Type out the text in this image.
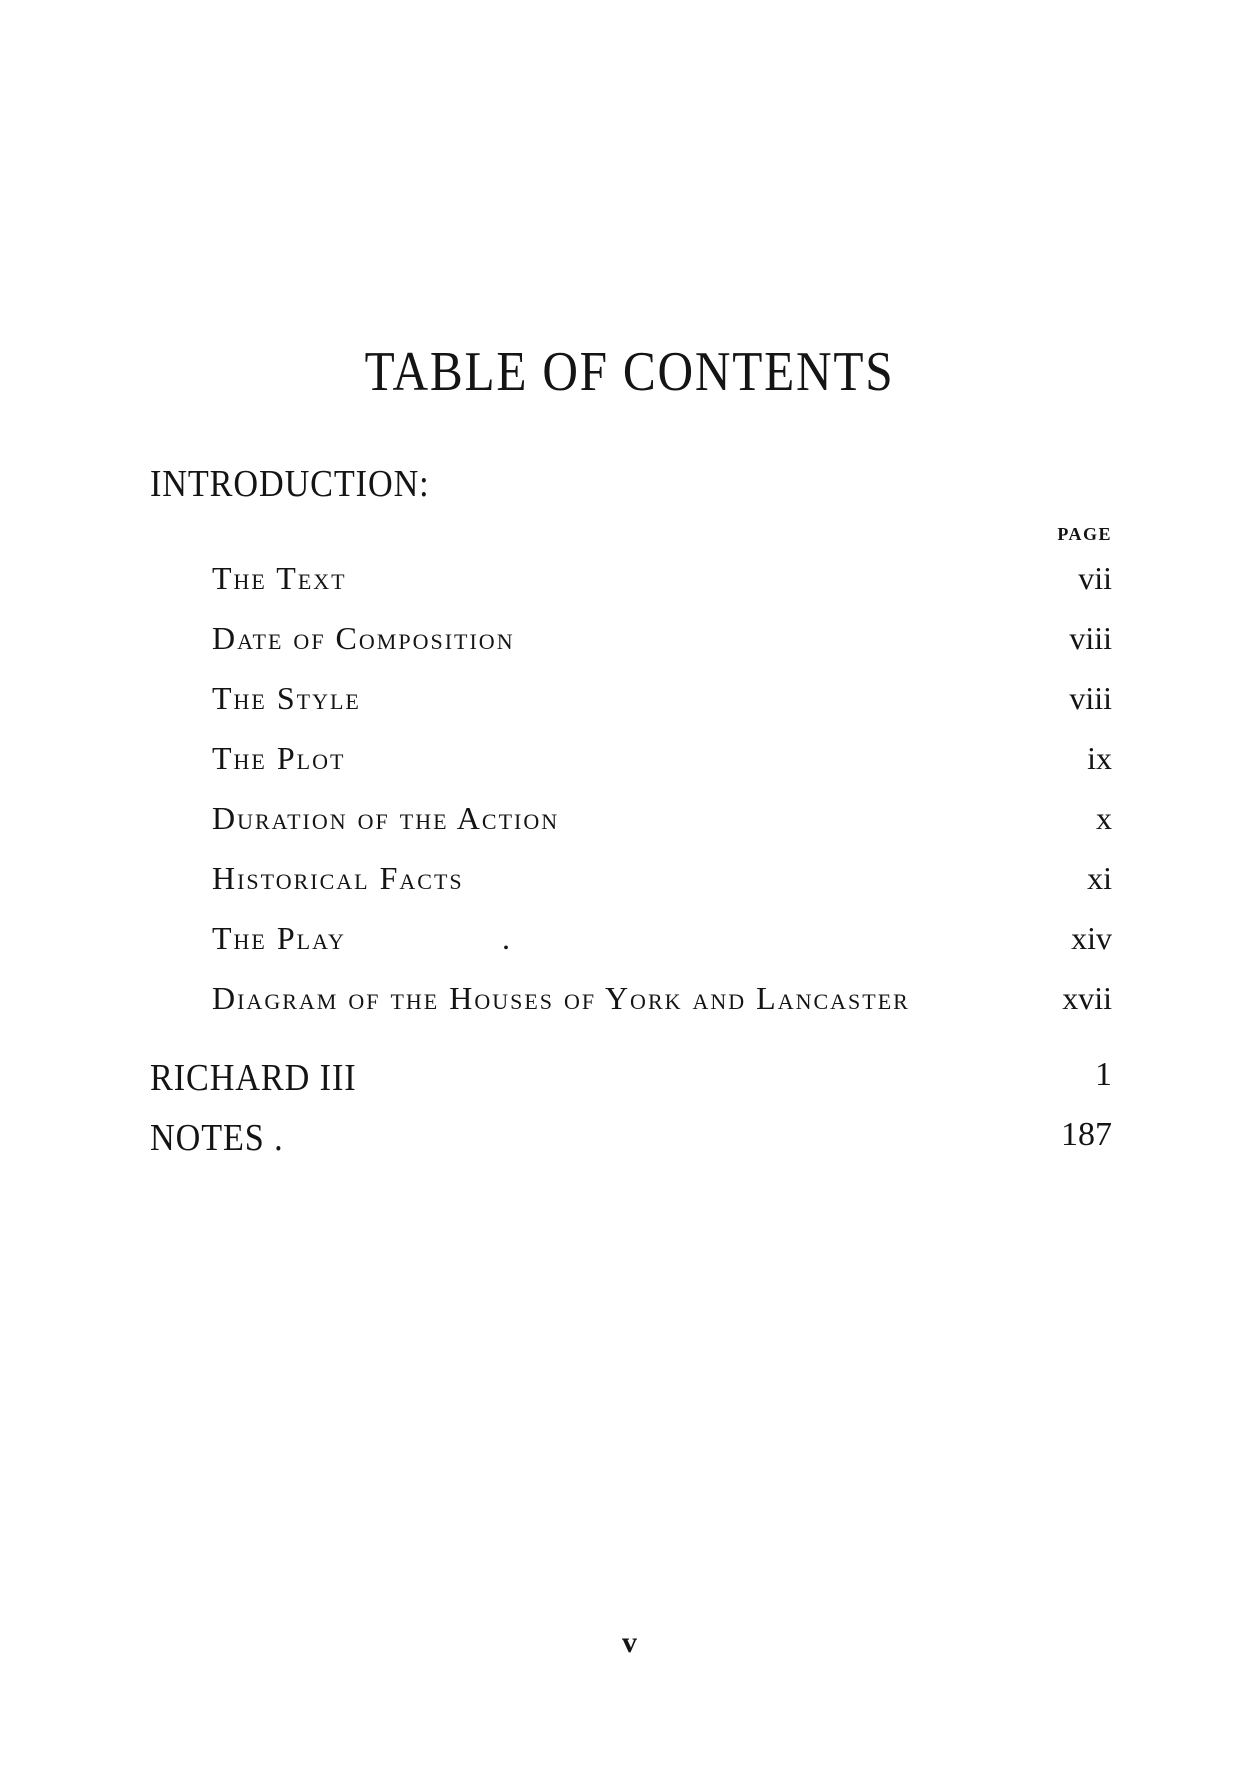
TABLE OF CONTENTS
INTRODUCTION:
PAGE
The Text	vii
Date of Composition	viii
The Style	viii
The Plot	ix
Duration of the Action	x
Historical Facts	xi
The Play	.	xiv
Diagram of the Houses of York and Lancaster	xvii
RICHARD III	1
NOTES .	187
v
